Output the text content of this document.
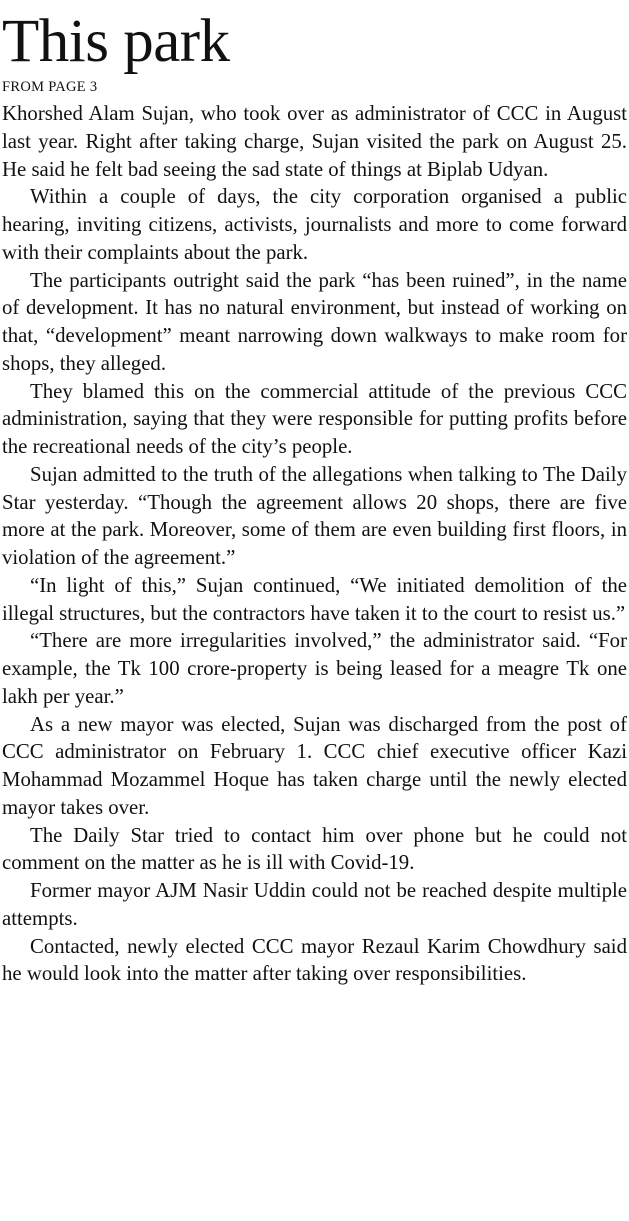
This park
FROM PAGE 3

Khorshed Alam Sujan, who took over as administrator of CCC in August last year. Right after taking charge, Sujan visited the park on August 25. He said he felt bad seeing the sad state of things at Biplab Udyan.

Within a couple of days, the city corporation organised a public hearing, inviting citizens, activists, journalists and more to come forward with their complaints about the park.

The participants outright said the park “has been ruined”, in the name of development. It has no natural environment, but instead of working on that, “development” meant narrowing down walkways to make room for shops, they alleged.

They blamed this on the commercial attitude of the previous CCC administration, saying that they were responsible for putting profits before the recreational needs of the city’s people.

Sujan admitted to the truth of the allegations when talking to The Daily Star yesterday. “Though the agreement allows 20 shops, there are five more at the park. Moreover, some of them are even building first floors, in violation of the agreement.”

“In light of this,” Sujan continued, “We initiated demolition of the illegal structures, but the contractors have taken it to the court to resist us.”

“There are more irregularities involved,” the administrator said. “For example, the Tk 100 crore-property is being leased for a meagre Tk one lakh per year.”

As a new mayor was elected, Sujan was discharged from the post of CCC administrator on February 1. CCC chief executive officer Kazi Mohammad Mozammel Hoque has taken charge until the newly elected mayor takes over.

The Daily Star tried to contact him over phone but he could not comment on the matter as he is ill with Covid-19.

Former mayor AJM Nasir Uddin could not be reached despite multiple attempts.

Contacted, newly elected CCC mayor Rezaul Karim Chowdhury said he would look into the matter after taking over responsibilities.
